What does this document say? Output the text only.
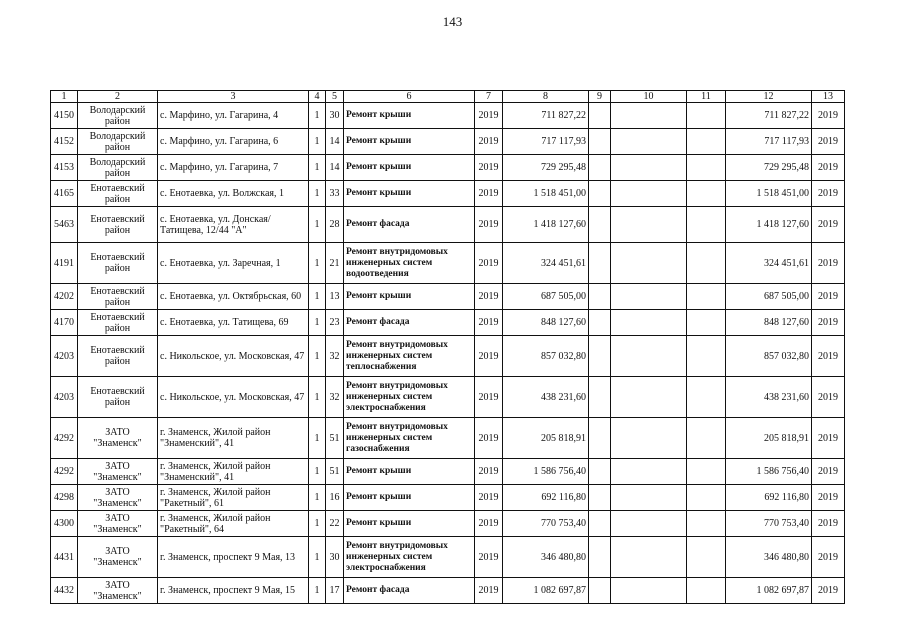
143
1	2	3	4	5	6	7	8	9	10	11	12	13
4150	Володарский район	с. Марфино, ул. Гагарина, 4	1	30	Ремонт крыши	2019	711 827,22				711 827,22	2019
4152	Володарский район	с. Марфино, ул. Гагарина, 6	1	14	Ремонт крыши	2019	717 117,93				717 117,93	2019
4153	Володарский район	с. Марфино, ул. Гагарина, 7	1	14	Ремонт крыши	2019	729 295,48				729 295,48	2019
4165	Енотаевский район	с. Енотаевка, ул. Волжская, 1	1	33	Ремонт крыши	2019	1 518 451,00				1 518 451,00	2019
5463	Енотаевский район	с. Енотаевка, ул. Донская/Татищева, 12/44 "А"	1	28	Ремонт фасада	2019	1 418 127,60				1 418 127,60	2019
4191	Енотаевский район	с. Енотаевка, ул. Заречная, 1	1	21	Ремонт внутридомовых инженерных систем водоотведения	2019	324 451,61				324 451,61	2019
4202	Енотаевский район	с. Енотаевка, ул. Октябрьская, 60	1	13	Ремонт крыши	2019	687 505,00				687 505,00	2019
4170	Енотаевский район	с. Енотаевка, ул. Татищева, 69	1	23	Ремонт фасада	2019	848 127,60				848 127,60	2019
4203	Енотаевский район	с. Никольское, ул. Московская, 47	1	32	Ремонт внутридомовых инженерных систем теплоснабжения	2019	857 032,80				857 032,80	2019
4203	Енотаевский район	с. Никольское, ул. Московская, 47	1	32	Ремонт внутридомовых инженерных систем электроснабжения	2019	438 231,60				438 231,60	2019
4292	ЗАТО "Знаменск"	г. Знаменск, Жилой район "Знаменский", 41	1	51	Ремонт внутридомовых инженерных систем газоснабжения	2019	205 818,91				205 818,91	2019
4292	ЗАТО "Знаменск"	г. Знаменск, Жилой район "Знаменский", 41	1	51	Ремонт крыши	2019	1 586 756,40				1 586 756,40	2019
4298	ЗАТО "Знаменск"	г. Знаменск, Жилой район "Ракетный", 61	1	16	Ремонт крыши	2019	692 116,80				692 116,80	2019
4300	ЗАТО "Знаменск"	г. Знаменск, Жилой район "Ракетный", 64	1	22	Ремонт крыши	2019	770 753,40				770 753,40	2019
4431	ЗАТО "Знаменск"	г. Знаменск, проспект 9 Мая, 13	1	30	Ремонт внутридомовых инженерных систем электроснабжения	2019	346 480,80				346 480,80	2019
4432	ЗАТО "Знаменск"	г. Знаменск, проспект 9 Мая, 15	1	17	Ремонт фасада	2019	1 082 697,87				1 082 697,87	2019
